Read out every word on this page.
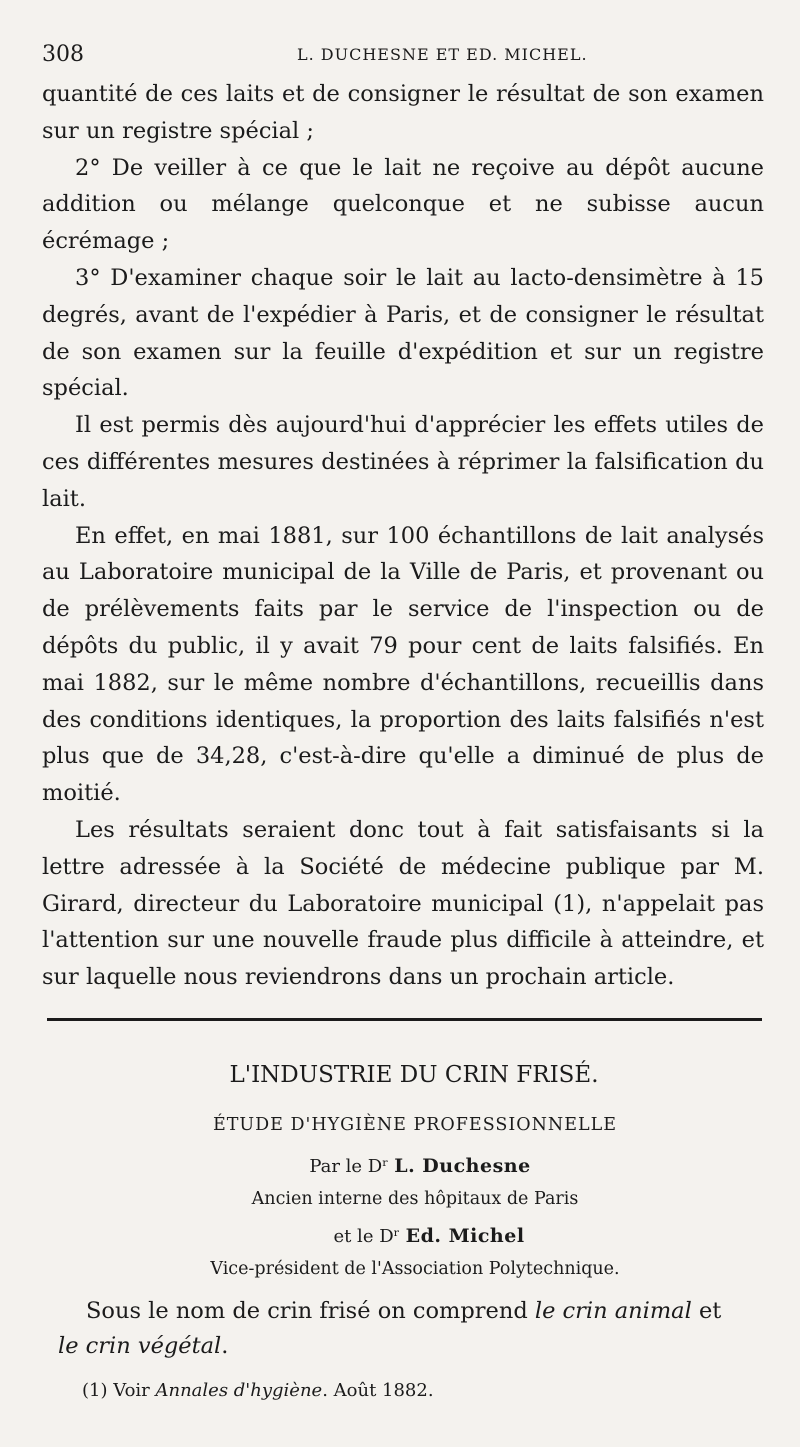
308	L. DUCHESNE ET ED. MICHEL.

quantité de ces laits et de consigner le résultat de son examen sur un registre spécial ;

2° De veiller à ce que le lait ne reçoive au dépôt aucune addition ou mélange quelconque et ne subisse aucun écrémage ;

3° D'examiner chaque soir le lait au lacto-densimètre à 15 degrés, avant de l'expédier à Paris, et de consigner le résultat de son examen sur la feuille d'expédition et sur un registre spécial.

Il est permis dès aujourd'hui d'apprécier les effets utiles de ces différentes mesures destinées à réprimer la falsification du lait.

En effet, en mai 1881, sur 100 échantillons de lait analysés au Laboratoire municipal de la Ville de Paris, et provenant ou de prélèvements faits par le service de l'inspection ou de dépôts du public, il y avait 79 pour cent de laits falsifiés. En mai 1882, sur le même nombre d'échantillons, recueillis dans des conditions identiques, la proportion des laits falsifiés n'est plus que de 34,28, c'est-à-dire qu'elle a diminué de plus de moitié.

Les résultats seraient donc tout à fait satisfaisants si la lettre adressée à la Société de médecine publique par M. Girard, directeur du Laboratoire municipal (1), n'appelait pas l'attention sur une nouvelle fraude plus difficile à atteindre, et sur laquelle nous reviendrons dans un prochain article.

L'INDUSTRIE DU CRIN FRISÉ.
ÉTUDE D'HYGIÈNE PROFESSIONNELLE
Par le Dʳ L. Duchesne
Ancien interne des hôpitaux de Paris
et le Dʳ Ed. Michel
Vice-président de l'Association Polytechnique.

Sous le nom de crin frisé on comprend le crin animal et

le crin végétal.

(1) Voir Annales d'hygiène. Août 1882.
